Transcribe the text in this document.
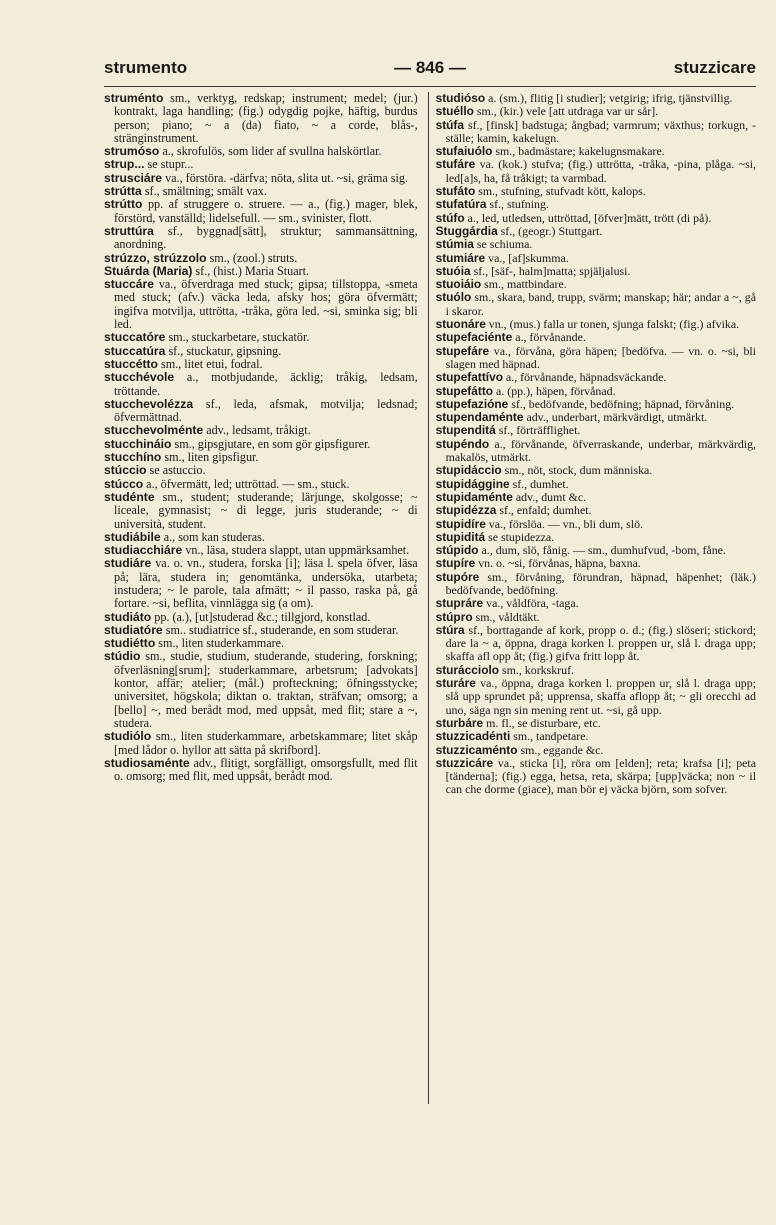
strumento	— 846 —	stuzzicare

struménto sm., verktyg, redskap; instrument; medel; (jur.) kontrakt, laga handling; (fig.) odygdig pojke, häftig, burdus person; piano; ~ a (da) fiato, ~ a corde, blås-, stränginstrument.

strumóso a., skrofulös, som lider af svullna halskörtlar.

strup... se stupr...

strusciáre va., förstöra. -därfva; nöta, slita ut. ~si, gräma sig.

strútta sf., smältning; smält vax.

strútto pp. af struggere o. struere. — a., (fig.) mager, blek, förstörd, vanställd; lidelsefull. — sm., svinister, flott.

struttúra sf., byggnad[sätt], struktur; sammansättning, anordning.

strúzzo, strúzzolo sm., (zool.) struts.

Stuárda (Maria) sf., (hist.) Maria Stuart.

stuccáre va., öfverdraga med stuck; gipsa; tillstoppa, -smeta med stuck; (afv.) väcka leda, afsky hos; göra öfvermätt; ingifva motvilja, uttrötta, -tråka, göra led. ~si, sminka sig; bli led.

stuccatóre sm., stuckarbetare, stuckatör.

stuccatúra sf., stuckatur, gipsning.

stuccétto sm., litet etui, fodral.

stucchévole a., motbjudande, äcklig; tråkig, ledsam, tröttande.

stucchevolézza sf., leda, afsmak, motvilja; ledsnad; öfvermättnad.

stucchevolménte adv., ledsamt, tråkigt.

stucchináio sm., gipsgjutare, en som gör gipsfigurer.

stucchíno sm., liten gipsfigur.

stúccio se astuccio.

stúcco a., öfvermätt, led; uttröttad. — sm., stuck.

studénte sm., student; studerande; lärjunge, skolgosse; ~ liceale, gymnasist; ~ di legge, juris studerande; ~ di università, student.

studiábile a., som kan studeras.

studiacchiáre vn., läsa, studera slappt, utan uppmärksamhet.

studiáre va. o. vn., studera, forska [i]; läsa l. spela öfver, läsa på; lära, studera in; genomtänka, undersöka, utarbeta; instudera; ~ le parole, tala afmätt; ~ il passo, raska på, gå fortare. ~si, beflita, vinnlägga sig (a om).

studiáto pp. (a.), [ut]studerad &c.; tillgjord, konstlad.

studiatóre sm.. studiatrice sf., studerande, en som studerar.

studiétto sm., liten studerkammare.

stúdio sm., studie, studium, studerande, studering, forskning; öfverläsning[srum]; studerkammare, arbetsrum; [advokats] kontor, affär; atelier; (mål.) profteckning; öfningsstycke; universitet, högskola; diktan o. traktan, sträfvan; omsorg; a [bello] ~, med berådt mod, med uppsåt, med flit; stare a ~, studera.

studiólo sm., liten studerkammare, arbetskammare; litet skåp [med lådor o. hyllor att sätta på skrifbord].

studiosaménte adv., flitigt, sorgfälligt, omsorgsfullt, med flit o. omsorg; med flit, med uppsåt, berådt mod.

studióso a. (sm.), flitig [i studier]; vetgirig; ifrig, tjänstvillig.

stuéllo sm., (kir.) vele [att utdraga var ur sår].

stúfa sf., [finsk] badstuga; ångbad; varmrum; växthus; torkugn, -ställe; kamin, kakelugn.

stufaiuólo sm., badmästare; kakelugnsmakare.

stufáre va. (kok.) stufva; (fig.) uttrötta, -tråka, -pina, plåga. ~si, led[a]s, ha, få tråkigt; ta varmbad.

stufáto sm., stufning, stufvadt kött, kalops.

stufatúra sf., stufning.

stúfo a., led, utledsen, uttröttad, [öfver]mätt, trött (di på).

Stuggárdia sf., (geogr.) Stuttgart.

stúmia se schiuma.

stumiáre va., [af]skumma.

stuóia sf., [säf-, halm]matta; spjäljalusi.

stuoiáio sm., mattbindare.

stuólo sm., skara, band, trupp, svärm; manskap; här; andar a ~, gå i skaror.

stuonáre vn., (mus.) falla ur tonen, sjunga falskt; (fig.) afvika.

stupefaciénte a., förvånande.

stupefáre va., förvåna, göra häpen; [bedöfva. — vn. o. ~si, bli slagen med häpnad.

stupefattívo a., förvånande, häpnadsväckande.

stupefátto a. (pp.), häpen, förvånad.

stupefazióne sf., bedöfvande, bedöfning; häpnad, förvåning.

stupendaménte adv., underbart, märkvärdigt, utmärkt.

stupenditá sf., förträfflighet.

stupéndo a., förvånande, öfverraskande, underbar, märkvärdig, makalös, utmärkt.

stupidáccio sm., nöt, stock, dum människa.

stupidággine sf., dumhet.

stupidaménte adv., dumt &c.

stupidézza sf., enfald; dumhet.

stupidíre va., förslöa. — vn., bli dum, slö.

stupiditá se stupidezza.

stúpido a., dum, slö, fånig. — sm., dumhufvud, -bom, fåne.

stupíre vn. o. ~si, förvånas, häpna, baxna.

stupóre sm., förvåning, förundran, häpnad, häpenhet; (läk.) bedöfvande, bedöfning.

stupráre va., våldföra, -taga.

stúpro sm., våldtäkt.

stúra sf., borttagande af kork, propp o. d.; (fig.) slöseri; stickord; dare la ~ a, öppna, draga korken l. proppen ur, slå l. draga upp; skaffa afl opp åt; (fig.) gifva fritt lopp åt.

sturácciolo sm., korkskruf.

sturáre va., öppna, draga korken l. proppen ur, slå l. draga upp; slå upp sprundet på; upprensa, skaffa aflopp åt; ~ gli orecchi ad uno, säga ngn sin mening rent ut. ~si, gå upp.

sturbáre m. fl., se disturbare, etc.

stuzzicadénti sm., tandpetare.

stuzzicaménto sm., eggande &c.

stuzzicáre va., sticka [i], röra om [elden]; reta; krafsa [i]; peta [tänderna]; (fig.) egga, hetsa, reta, skärpa; [upp]väcka; non ~ il can che dorme (giace), man bör ej väcka björn, som sofver.
